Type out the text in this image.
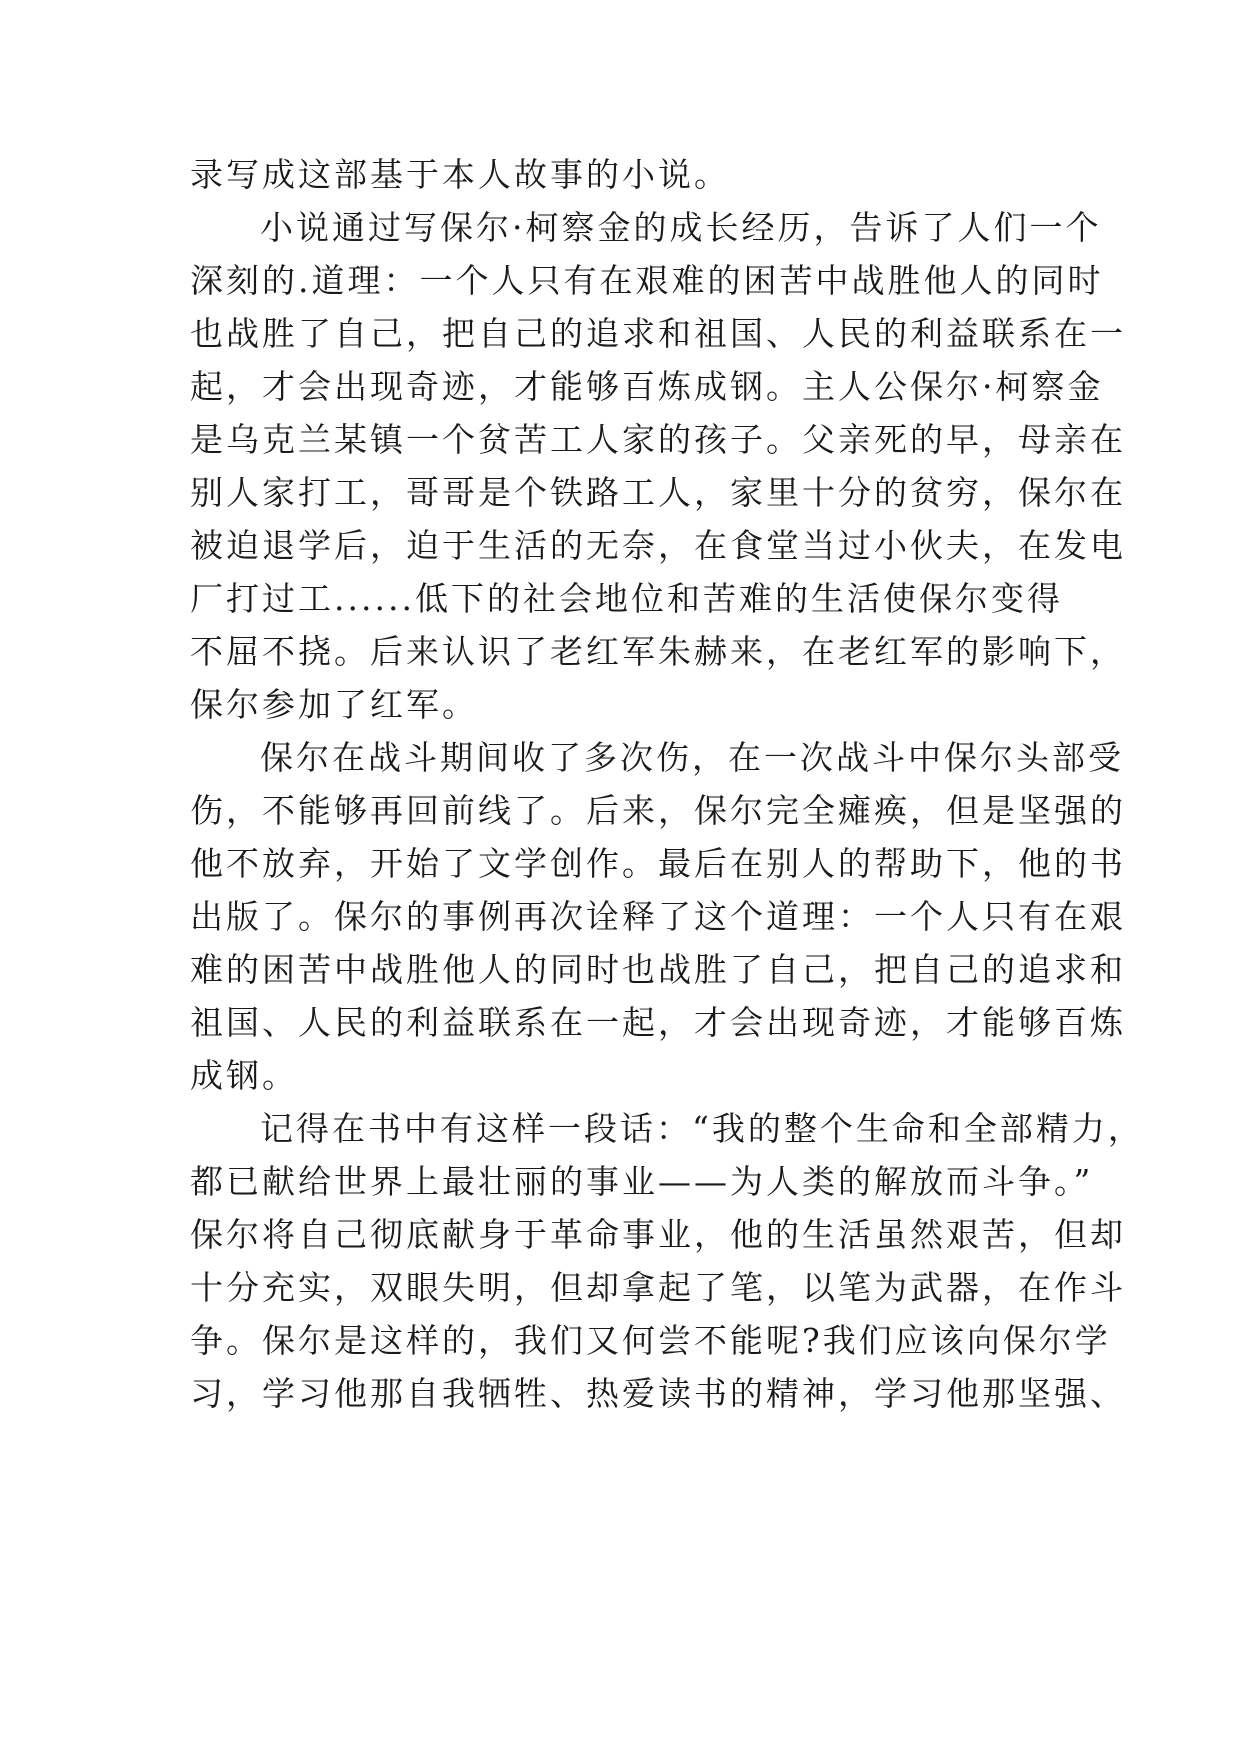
录写成这部基于本人故事的小说。
小说通过写保尔·柯察金的成长经历，告诉了人们一个
深刻的.道理：一个人只有在艰难的困苦中战胜他人的同时
也战胜了自己，把自己的追求和祖国、人民的利益联系在一
起，才会出现奇迹，才能够百炼成钢。主人公保尔·柯察金
是乌克兰某镇一个贫苦工人家的孩子。父亲死的早，母亲在
别人家打工，哥哥是个铁路工人，家里十分的贫穷，保尔在
被迫退学后，迫于生活的无奈，在食堂当过小伙夫，在发电
厂打过工......低下的社会地位和苦难的生活使保尔变得
不屈不挠。后来认识了老红军朱赫来，在老红军的影响下，
保尔参加了红军。
保尔在战斗期间收了多次伤，在一次战斗中保尔头部受
伤，不能够再回前线了。后来，保尔完全瘫痪，但是坚强的
他不放弃，开始了文学创作。最后在别人的帮助下，他的书
出版了。保尔的事例再次诠释了这个道理：一个人只有在艰
难的困苦中战胜他人的同时也战胜了自己，把自己的追求和
祖国、人民的利益联系在一起，才会出现奇迹，才能够百炼
成钢。
记得在书中有这样一段话：“我的整个生命和全部精力，
都已献给世界上最壮丽的事业——为人类的解放而斗争。”
保尔将自己彻底献身于革命事业，他的生活虽然艰苦，但却
十分充实，双眼失明，但却拿起了笔，以笔为武器，在作斗
争。保尔是这样的，我们又何尝不能呢?我们应该向保尔学
习，学习他那自我牺牲、热爱读书的精神，学习他那坚强、
